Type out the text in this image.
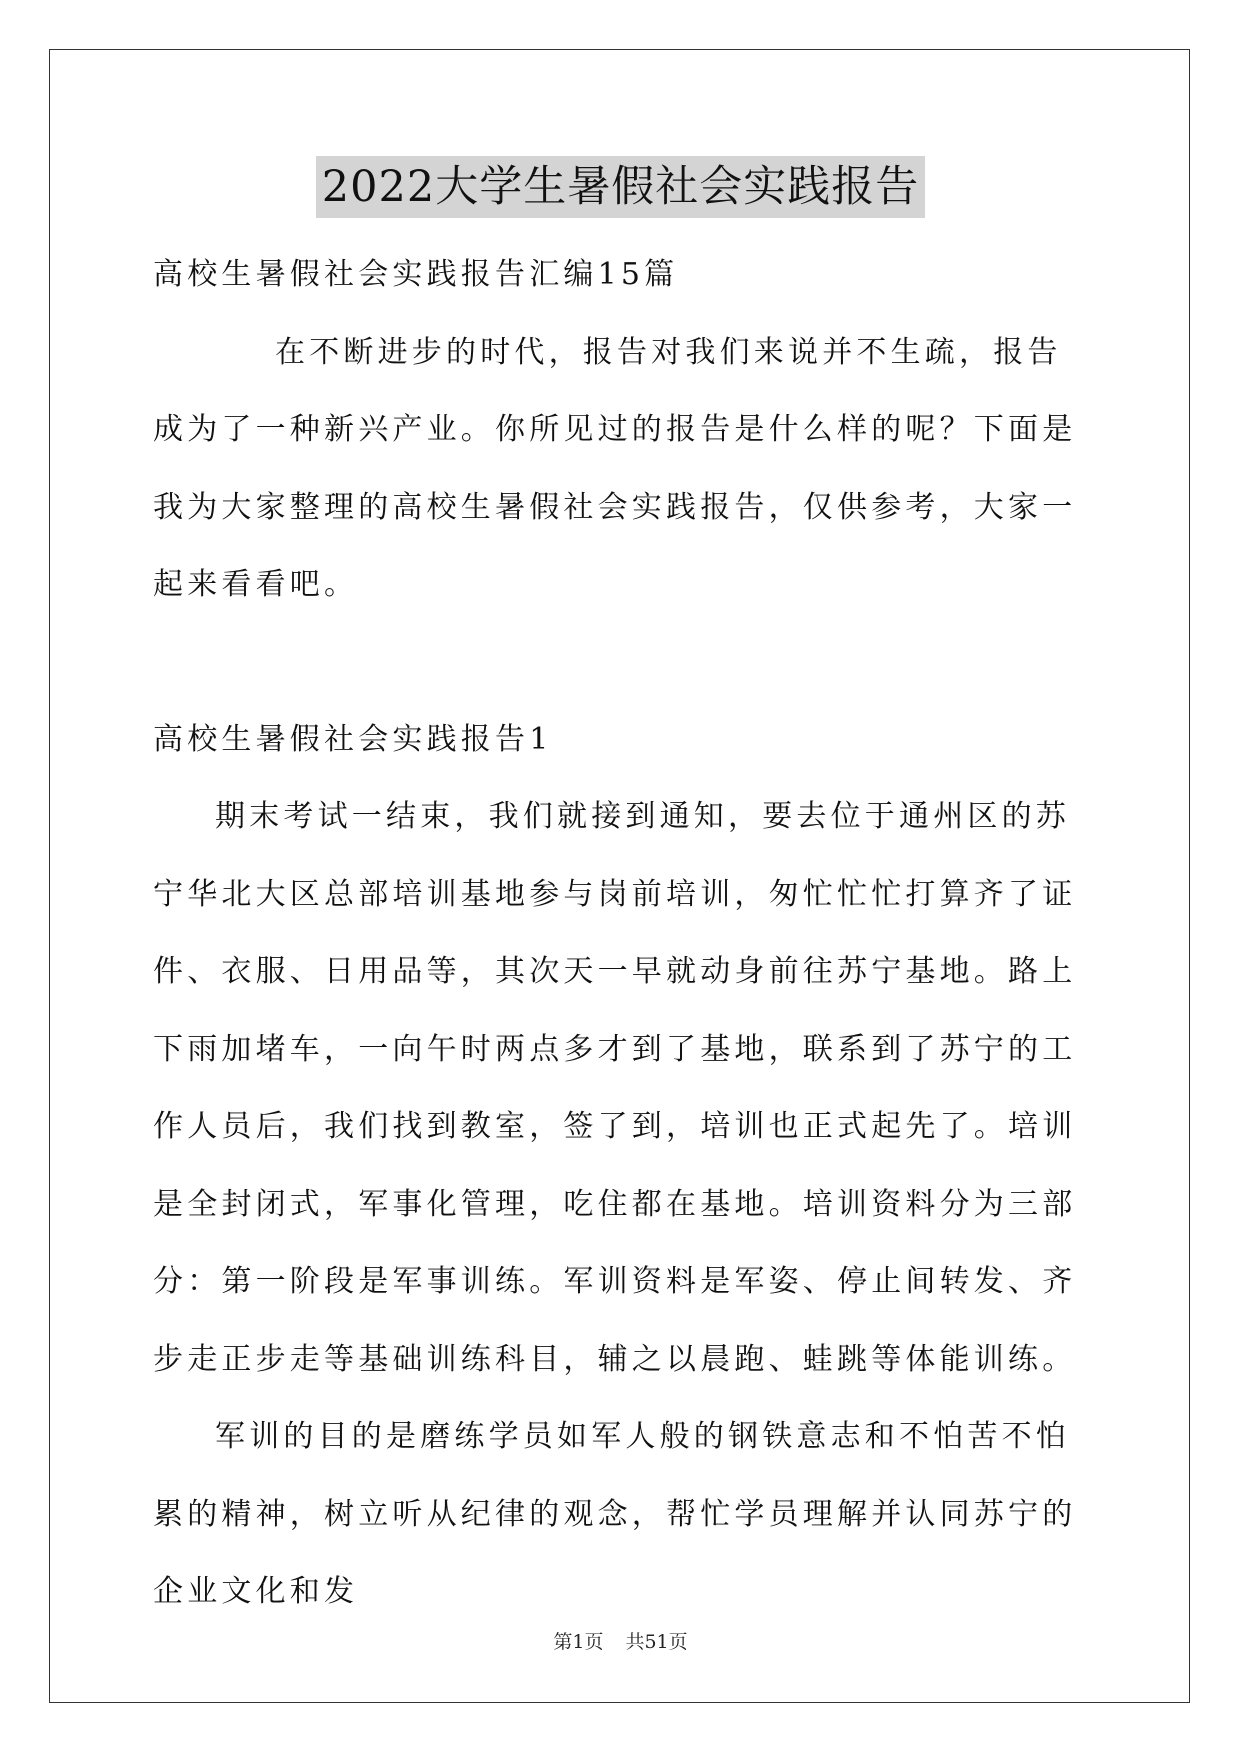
2022大学生暑假社会实践报告

高校生暑假社会实践报告汇编15篇

在不断进步的时代，报告对我们来说并不生疏，报告成为了一种新兴产业。你所见过的报告是什么样的呢？下面是我为大家整理的高校生暑假社会实践报告，仅供参考，大家一起来看看吧。

高校生暑假社会实践报告1

期末考试一结束，我们就接到通知，要去位于通州区的苏宁华北大区总部培训基地参与岗前培训，匆忙忙忙打算齐了证件、衣服、日用品等，其次天一早就动身前往苏宁基地。路上下雨加堵车，一向午时两点多才到了基地，联系到了苏宁的工作人员后，我们找到教室，签了到，培训也正式起先了。培训是全封闭式，军事化管理，吃住都在基地。培训资料分为三部分：第一阶段是军事训练。军训资料是军姿、停止间转发、齐步走正步走等基础训练科目，辅之以晨跑、蛙跳等体能训练。

军训的目的是磨练学员如军人般的钢铁意志和不怕苦不怕累的精神，树立听从纪律的观念，帮忙学员理解并认同苏宁的企业文化和发

第1页 共51页
